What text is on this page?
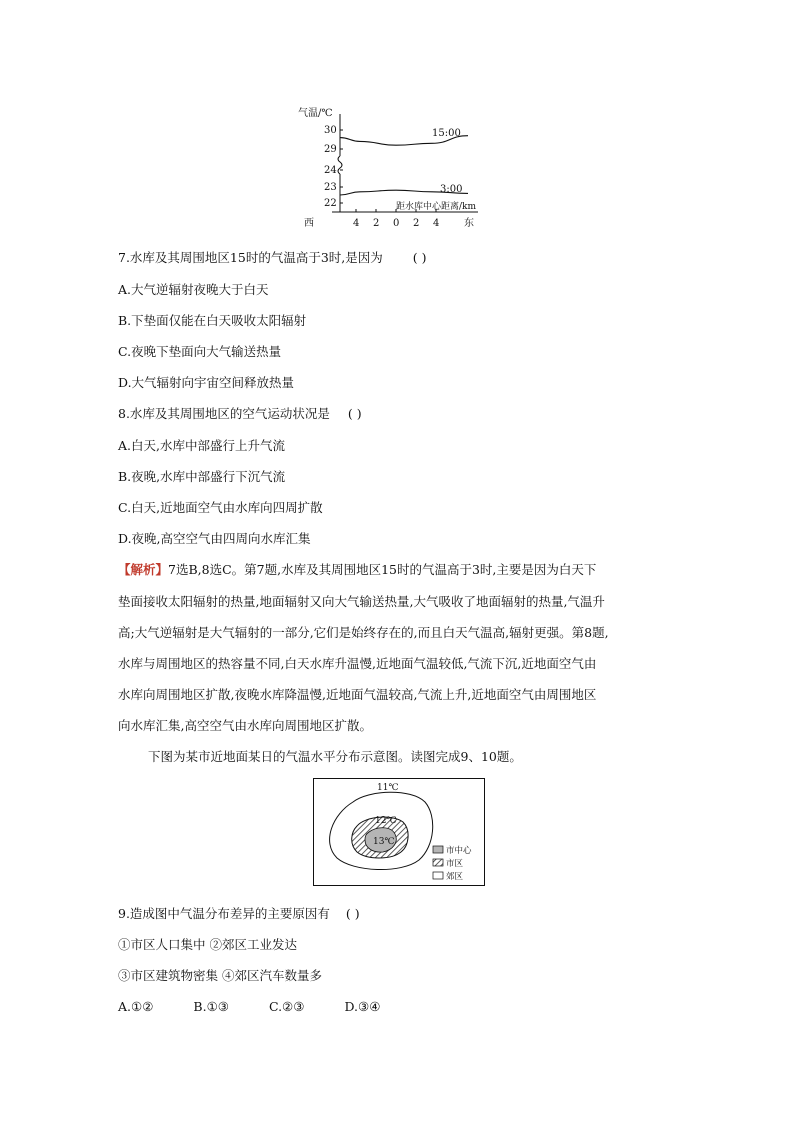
气温/℃
30
29
24
23
22
西	东
4 2 0 2 4
距水库中心距离/km
15:00
3:00
7.水库及其周围地区15时的气温高于3时,是因为 ( )
A.大气逆辐射夜晚大于白天
B.下垫面仅能在白天吸收太阳辐射
C.夜晚下垫面向大气输送热量
D.大气辐射向宇宙空间释放热量
8.水库及其周围地区的空气运动状况是 ( )
A.白天,水库中部盛行上升气流
B.夜晚,水库中部盛行下沉气流
C.白天,近地面空气由水库向四周扩散
D.夜晚,高空空气由四周向水库汇集
【解析】7选B,8选C。第7题,水库及其周围地区15时的气温高于3时,主要是因为白天下
垫面接收太阳辐射的热量,地面辐射又向大气输送热量,大气吸收了地面辐射的热量,气温升
高;大气逆辐射是大气辐射的一部分,它们是始终存在的,而且白天气温高,辐射更强。第8题,
水库与周围地区的热容量不同,白天水库升温慢,近地面气温较低,气流下沉,近地面空气由
水库向周围地区扩散,夜晚水库降温慢,近地面气温较高,气流上升,近地面空气由周围地区
向水库汇集,高空空气由水库向周围地区扩散。
下图为某市近地面某日的气温水平分布示意图。读图完成9、10题。
11℃
12℃
13℃
市中心
市区
郊区
9.造成图中气温分布差异的主要原因有 ( )
①市区人口集中 ②郊区工业发达
③市区建筑物密集 ④郊区汽车数量多
A.①②	B.①③	C.②③	D.③④
